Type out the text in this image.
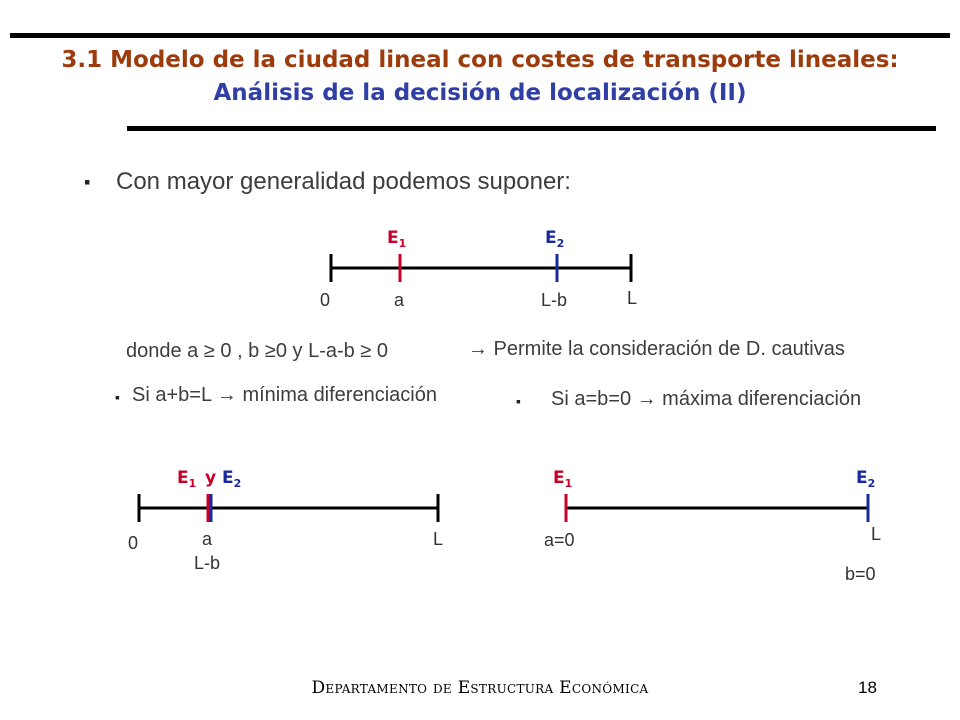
3.1 Modelo de la ciudad lineal con costes de transporte lineales:
Análisis de la decisión de localización (II)
▪ Con mayor generalidad podemos suponer:
donde a ≥ 0 , b ≥0 y L-a-b ≥ 0	→ Permite la consideración de D. cautivas
▪ Si a+b=L → mínima diferenciación	▪ Si a=b=0 → máxima diferenciación
Departamento de Estructura Económica	18
$E_1$	$E_2$
0	a	L-b	L
$E_1$ y $E_2$
0	a
L-b
L
$E_1$	$E_2$
a=0	L
b=0
